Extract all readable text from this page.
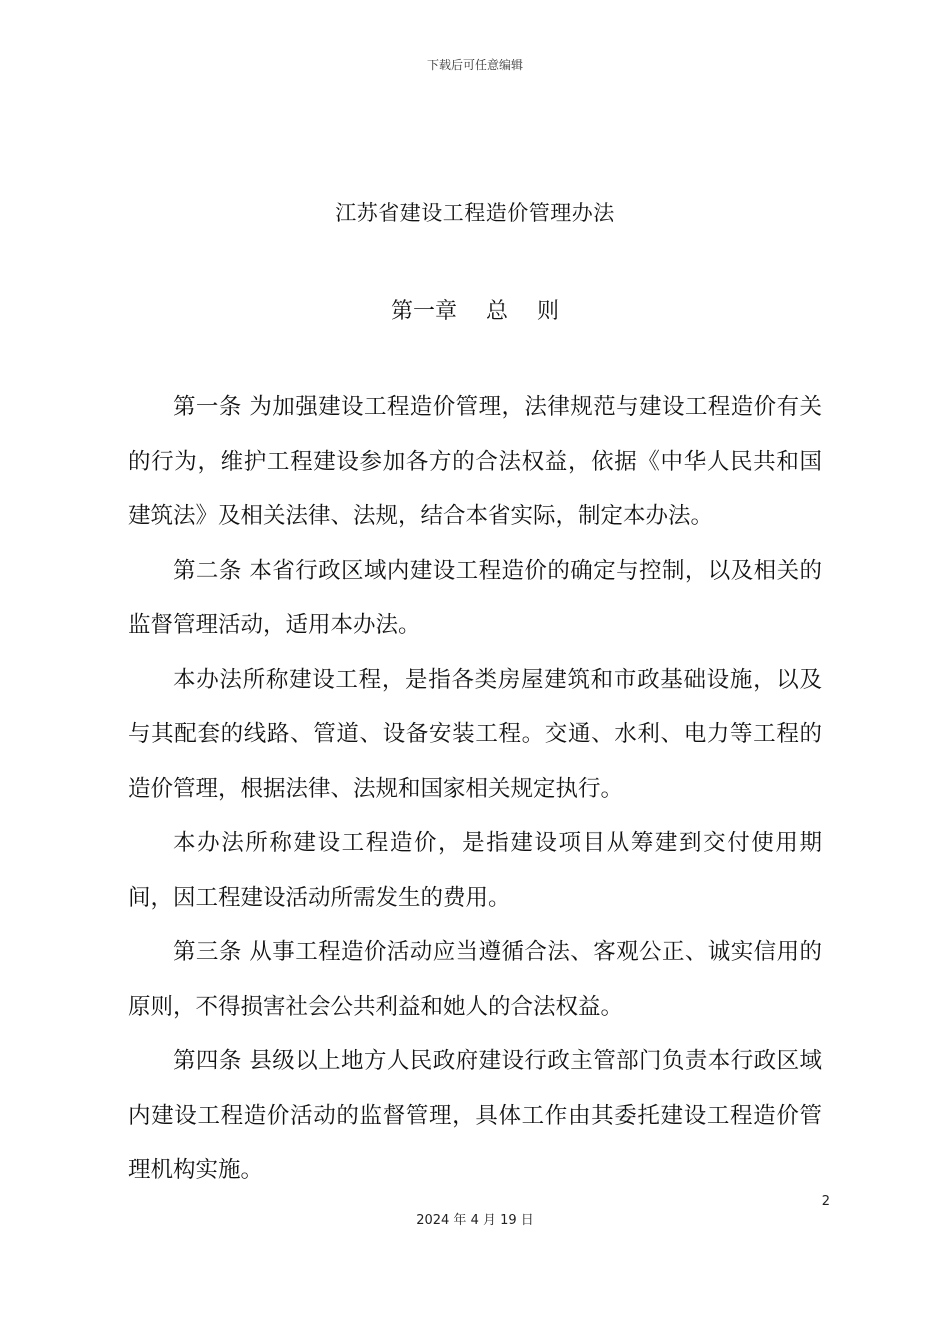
下载后可任意编辑
江苏省建设工程造价管理办法
第一章　 总　 则

第一条 为加强建设工程造价管理，法律规范与建设工程造价有关的行为，维护工程建设参加各方的合法权益，依据《中华人民共和国建筑法》及相关法律、法规，结合本省实际，制定本办法。

第二条 本省行政区域内建设工程造价的确定与控制，以及相关的监督管理活动，适用本办法。

本办法所称建设工程，是指各类房屋建筑和市政基础设施，以及与其配套的线路、管道、设备安装工程。交通、水利、电力等工程的造价管理，根据法律、法规和国家相关规定执行。

本办法所称建设工程造价，是指建设项目从筹建到交付使用期间，因工程建设活动所需发生的费用。

第三条 从事工程造价活动应当遵循合法、客观公正、诚实信用的原则，不得损害社会公共利益和她人的合法权益。

第四条 县级以上地方人民政府建设行政主管部门负责本行政区域内建设工程造价活动的监督管理，具体工作由其委托建设工程造价管理机构实施。

2
2024 年 4 月 19 日
